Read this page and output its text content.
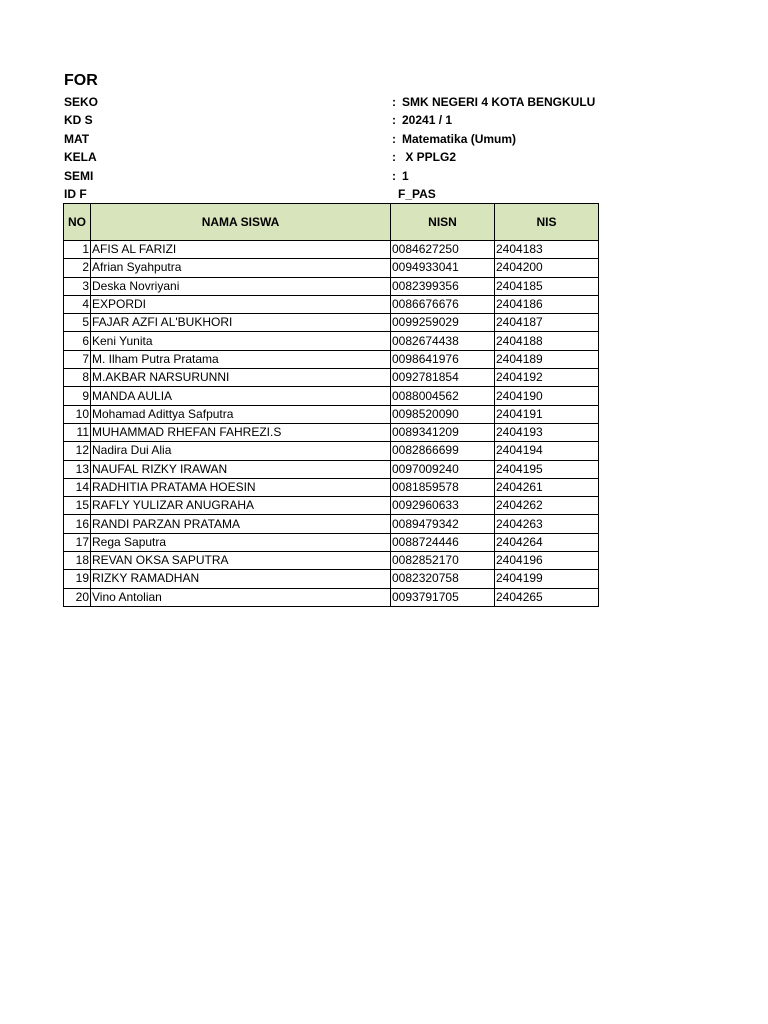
FOR
SEKO	: SMK NEGERI 4 KOTA BENGKULU
KD S	: 20241 / 1
MAT	: Matematika (Umum)
KELA	: X PPLG2
SEMI	: 1
ID F	F_PAS
NO	NAMA SISWA	NISN	NIS
1	AFIS AL FARIZI	0084627250	2404183
2	Afrian Syahputra	0094933041	2404200
3	Deska Novriyani	0082399356	2404185
4	EXPORDI	0086676676	2404186
5	FAJAR AZFI AL'BUKHORI	0099259029	2404187
6	Keni Yunita	0082674438	2404188
7	M. Ilham Putra Pratama	0098641976	2404189
8	M.AKBAR NARSURUNNI	0092781854	2404192
9	MANDA AULIA	0088004562	2404190
10	Mohamad Adittya Safputra	0098520090	2404191
11	MUHAMMAD RHEFAN FAHREZI.S	0089341209	2404193
12	Nadira Dui Alia	0082866699	2404194
13	NAUFAL RIZKY IRAWAN	0097009240	2404195
14	RADHITIA PRATAMA HOESIN	0081859578	2404261
15	RAFLY YULIZAR ANUGRAHA	0092960633	2404262
16	RANDI PARZAN PRATAMA	0089479342	2404263
17	Rega Saputra	0088724446	2404264
18	REVAN OKSA SAPUTRA	0082852170	2404196
19	RIZKY RAMADHAN	0082320758	2404199
20	Vino Antolian	0093791705	2404265
